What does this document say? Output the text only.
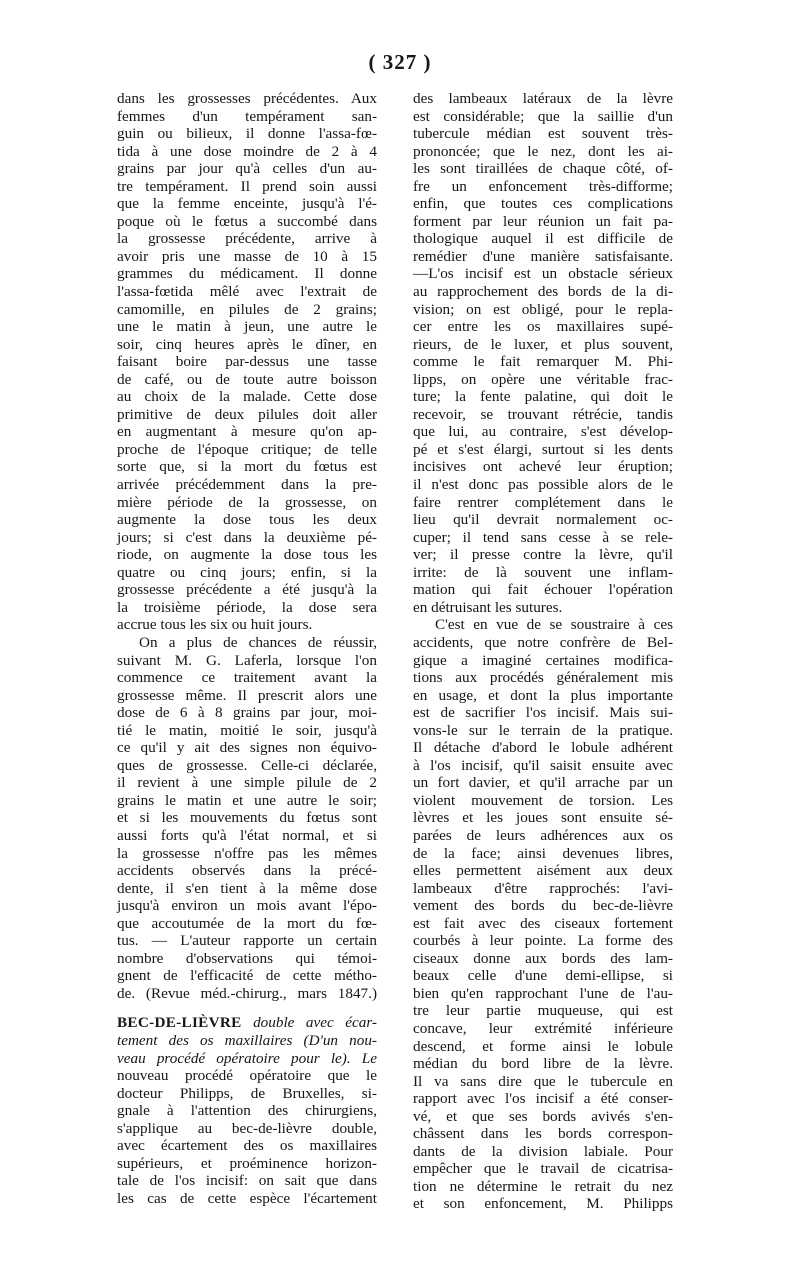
( 327 )
dans les grossesses précédentes. Aux
femmes d'un tempérament san-
guin ou bilieux, il donne l'assa-fœ-
tida à une dose moindre de 2 à 4
grains par jour qu'à celles d'un au-
tre tempérament. Il prend soin aussi
que la femme enceinte, jusqu'à l'é-
poque où le fœtus a succombé dans
la grossesse précédente, arrive à
avoir pris une masse de 10 à 15
grammes du médicament. Il donne
l'assa-fœtida mêlé avec l'extrait de
camomille, en pilules de 2 grains;
une le matin à jeun, une autre le
soir, cinq heures après le dîner, en
faisant boire par-dessus une tasse
de café, ou de toute autre boisson
au choix de la malade. Cette dose
primitive de deux pilules doit aller
en augmentant à mesure qu'on ap-
proche de l'époque critique; de telle
sorte que, si la mort du fœtus est
arrivée précédemment dans la pre-
mière période de la grossesse, on
augmente la dose tous les deux
jours; si c'est dans la deuxième pé-
riode, on augmente la dose tous les
quatre ou cinq jours; enfin, si la
grossesse précédente a été jusqu'à la
la troisième période, la dose sera
accrue tous les six ou huit jours.
On a plus de chances de réussir,
suivant M. G. Laferla, lorsque l'on
commence ce traitement avant la
grossesse même. Il prescrit alors une
dose de 6 à 8 grains par jour, moi-
tié le matin, moitié le soir, jusqu'à
ce qu'il y ait des signes non équivo-
ques de grossesse. Celle-ci déclarée,
il revient à une simple pilule de 2
grains le matin et une autre le soir;
et si les mouvements du fœtus sont
aussi forts qu'à l'état normal, et si
la grossesse n'offre pas les mêmes
accidents observés dans la précé-
dente, il s'en tient à la même dose
jusqu'à environ un mois avant l'épo-
que accoutumée de la mort du fœ-
tus. — L'auteur rapporte un certain
nombre d'observations qui témoi-
gnent de l'efficacité de cette métho-
de. (Revue méd.-chirurg., mars 1847.)
BEC-DE-LIÈVRE double avec écar-
tement des os maxillaires (D'un nou-
veau procédé opératoire pour le). Le
nouveau procédé opératoire que le
docteur Philipps, de Bruxelles, si-
gnale à l'attention des chirurgiens,
s'applique au bec-de-lièvre double,
avec écartement des os maxillaires
supérieurs, et proéminence horizon-
tale de l'os incisif: on sait que dans
les cas de cette espèce l'écartement
des lambeaux latéraux de la lèvre
est considérable; que la saillie d'un
tubercule médian est souvent très-
prononcée; que le nez, dont les ai-
les sont tiraillées de chaque côté, of-
fre un enfoncement très-difforme;
enfin, que toutes ces complications
forment par leur réunion un fait pa-
thologique auquel il est difficile de
remédier d'une manière satisfaisante.
—L'os incisif est un obstacle sérieux
au rapprochement des bords de la di-
vision; on est obligé, pour le repla-
cer entre les os maxillaires supé-
rieurs, de le luxer, et plus souvent,
comme le fait remarquer M. Phi-
lipps, on opère une véritable frac-
ture; la fente palatine, qui doit le
recevoir, se trouvant rétrécie, tandis
que lui, au contraire, s'est dévelop-
pé et s'est élargi, surtout si les dents
incisives ont achevé leur éruption;
il n'est donc pas possible alors de le
faire rentrer complétement dans le
lieu qu'il devrait normalement oc-
cuper; il tend sans cesse à se rele-
ver; il presse contre la lèvre, qu'il
irrite: de là souvent une inflam-
mation qui fait échouer l'opération
en détruisant les sutures.
C'est en vue de se soustraire à ces
accidents, que notre confrère de Bel-
gique a imaginé certaines modifica-
tions aux procédés généralement mis
en usage, et dont la plus importante
est de sacrifier l'os incisif. Mais sui-
vons-le sur le terrain de la pratique.
Il détache d'abord le lobule adhérent
à l'os incisif, qu'il saisit ensuite avec
un fort davier, et qu'il arrache par un
violent mouvement de torsion. Les
lèvres et les joues sont ensuite sé-
parées de leurs adhérences aux os
de la face; ainsi devenues libres,
elles permettent aisément aux deux
lambeaux d'être rapprochés: l'avi-
vement des bords du bec-de-lièvre
est fait avec des ciseaux fortement
courbés à leur pointe. La forme des
ciseaux donne aux bords des lam-
beaux celle d'une demi-ellipse, si
bien qu'en rapprochant l'une de l'au-
tre leur partie muqueuse, qui est
concave, leur extrémité inférieure
descend, et forme ainsi le lobule
médian du bord libre de la lèvre.
Il va sans dire que le tubercule en
rapport avec l'os incisif a été conser-
vé, et que ses bords avivés s'en-
châssent dans les bords correspon-
dants de la division labiale. Pour
empêcher que le travail de cicatrisa-
tion ne détermine le retrait du nez
et son enfoncement, M. Philipps
